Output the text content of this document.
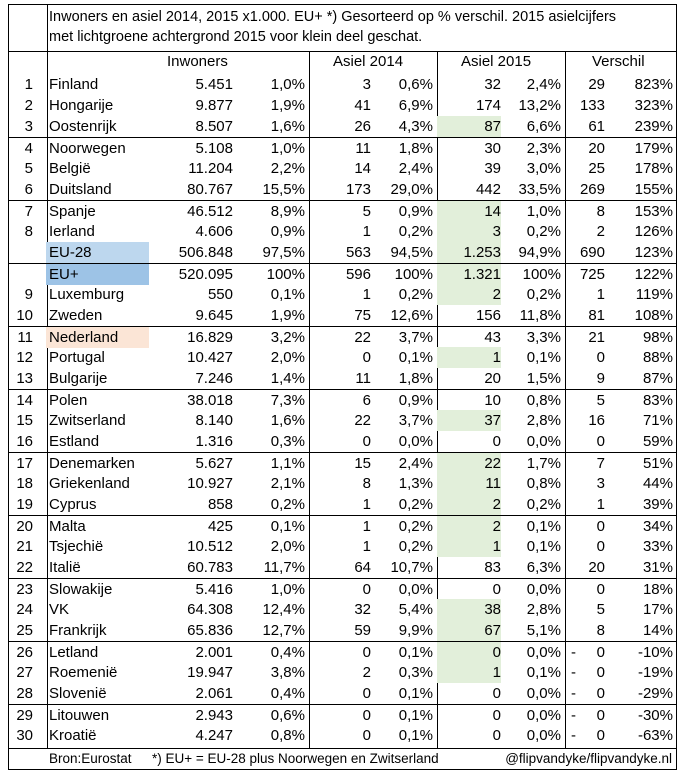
Inwoners en asiel 2014, 2015 x1.000. EU+ *) Gesorteerd op % verschil. 2015 asielcijfers
met lichtgroene achtergrond 2015 voor klein deel geschat.
Inwoners	Asiel 2014	Asiel 2015	Verschil
1 Finland	5.451	1,0%	3	0,6%	32	2,4%	29	823%
2 Hongarije	9.877	1,9%	41	6,9%	174	13,2%	133	323%
3 Oostenrijk	8.507	1,6%	26	4,3%	87	6,6%	61	239%
4 Noorwegen	5.108	1,0%	11	1,8%	30	2,3%	20	179%
5 België	11.204	2,2%	14	2,4%	39	3,0%	25	178%
6 Duitsland	80.767	15,5%	173	29,0%	442	33,5%	269	155%
7 Spanje	46.512	8,9%	5	0,9%	14	1,0%	8	153%
8 Ierland	4.606	0,9%	1	0,2%	3	0,2%	2	126%
EU-28	506.848	97,5%	563	94,5%	1.253	94,9%	690	123%
EU+	520.095	100%	596	100%	1.321	100%	725	122%
9 Luxemburg	550	0,1%	1	0,2%	2	0,2%	1	119%
10 Zweden	9.645	1,9%	75	12,6%	156	11,8%	81	108%
11 Nederland	16.829	3,2%	22	3,7%	43	3,3%	21	98%
12 Portugal	10.427	2,0%	0	0,1%	1	0,1%	0	88%
13 Bulgarije	7.246	1,4%	11	1,8%	20	1,5%	9	87%
14 Polen	38.018	7,3%	6	0,9%	10	0,8%	5	83%
15 Zwitserland	8.140	1,6%	22	3,7%	37	2,8%	16	71%
16 Estland	1.316	0,3%	0	0,0%	0	0,0%	0	59%
17 Denemarken	5.627	1,1%	15	2,4%	22	1,7%	7	51%
18 Griekenland	10.927	2,1%	8	1,3%	11	0,8%	3	44%
19 Cyprus	858	0,2%	1	0,2%	2	0,2%	1	39%
20 Malta	425	0,1%	1	0,2%	2	0,1%	0	34%
21 Tsjechië	10.512	2,0%	1	0,2%	1	0,1%	0	33%
22 Italië	60.783	11,7%	64	10,7%	83	6,3%	20	31%
23 Slowakije	5.416	1,0%	0	0,0%	0	0,0%	0	18%
24 VK	64.308	12,4%	32	5,4%	38	2,8%	5	17%
25 Frankrijk	65.836	12,7%	59	9,9%	67	5,1%	8	14%
26 Letland	2.001	0,4%	0	0,1%	0	0,0% -	0	-10%
27 Roemenië	19.947	3,8%	2	0,3%	1	0,1% -	0	-19%
28 Slovenië	2.061	0,4%	0	0,1%	0	0,0% -	0	-29%
29 Litouwen	2.943	0,6%	0	0,1%	0	0,0% -	0	-30%
30 Kroatië	4.247	0,8%	0	0,1%	0	0,0% -	0	-63%
Bron:Eurostat *) EU+ = EU-28 plus Noorwegen en Zwitserland	@flipvandyke/flipvandyke.nl
